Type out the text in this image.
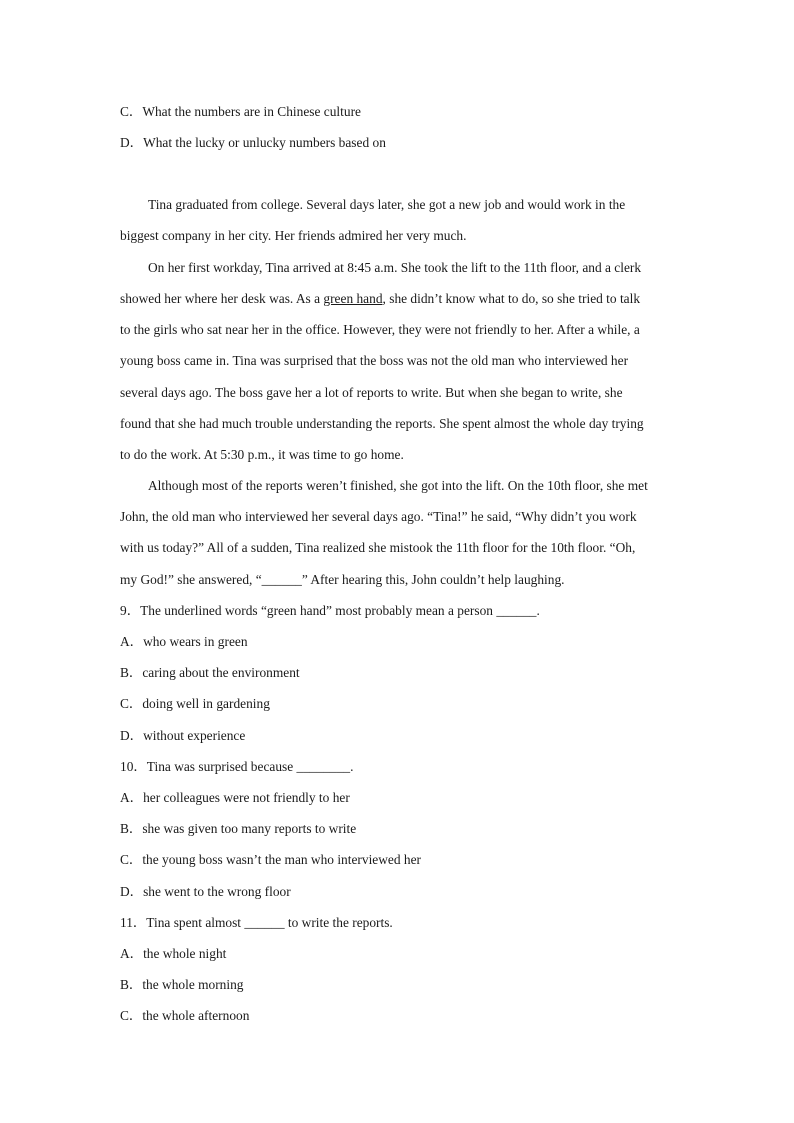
C．What the numbers are in Chinese culture
D．What the lucky or unlucky numbers based on
Tina graduated from college. Several days later, she got a new job and would work in the
biggest company in her city. Her friends admired her very much.
On her first workday, Tina arrived at 8:45 a.m. She took the lift to the 11th floor, and a clerk
showed her where her desk was. As a green hand, she didn’t know what to do, so she tried to talk
to the girls who sat near her in the office. However, they were not friendly to her. After a while, a
young boss came in. Tina was surprised that the boss was not the old man who interviewed her
several days ago. The boss gave her a lot of reports to write. But when she began to write, she
found that she had much trouble understanding the reports. She spent almost the whole day trying
to do the work. At 5:30 p.m., it was time to go home.
Although most of the reports weren’t finished, she got into the lift. On the 10th floor, she met
John, the old man who interviewed her several days ago. “Tina!” he said, “Why didn’t you work
with us today?” All of a sudden, Tina realized she mistook the 11th floor for the 10th floor. “Oh,
my God!” she answered, “______” After hearing this, John couldn’t help laughing.
9．The underlined words “green hand” most probably mean a person ______.
A．who wears in green
B．caring about the environment
C．doing well in gardening
D．without experience
10．Tina was surprised because ________.
A．her colleagues were not friendly to her
B．she was given too many reports to write
C．the young boss wasn’t the man who interviewed her
D．she went to the wrong floor
11．Tina spent almost ______ to write the reports.
A．the whole night
B．the whole morning
C．the whole afternoon
